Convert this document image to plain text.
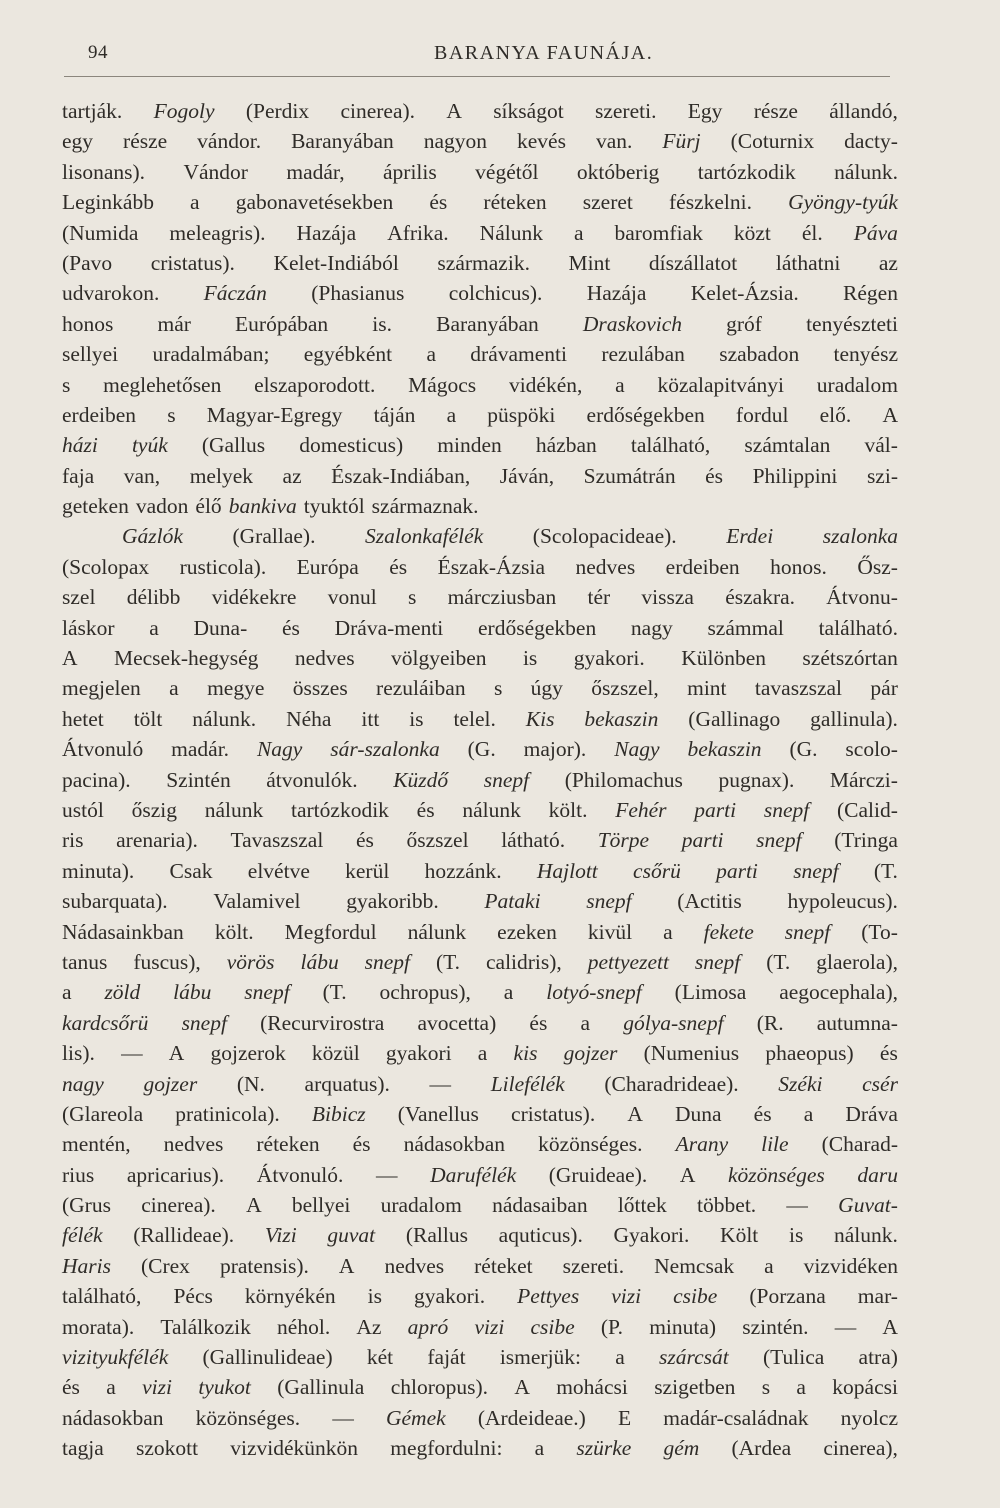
94	BARANYA FAUNÁJA.

tartják. Fogoly (Perdix cinerea). A síkságot szereti. Egy része állandó,

egy része vándor. Baranyában nagyon kevés van. Fürj (Coturnix dacty-

lisonans). Vándor madár, április végétől októberig tartózkodik nálunk.

Leginkább a gabonavetésekben és réteken szeret fészkelni. Gyöngy-tyúk

(Numida meleagris). Hazája Afrika. Nálunk a baromfiak közt él. Páva

(Pavo cristatus). Kelet-Indiából származik. Mint díszállatot láthatni az

udvarokon. Fáczán (Phasianus colchicus). Hazája Kelet-Ázsia. Régen

honos már Európában is. Baranyában Draskovich gróf tenyészteti

sellyei uradalmában; egyébként a drávamenti rezulában szabadon tenyész

s meglehetősen elszaporodott. Mágocs vidékén, a közalapitványi uradalom

erdeiben s Magyar-Egregy táján a püspöki erdőségekben fordul elő. A

házi tyúk (Gallus domesticus) minden házban található, számtalan vál-

faja van, melyek az Észak-Indiában, Jáván, Szumátrán és Philippini szi-

geteken vadon élő bankiva tyuktól származnak.

Gázlók (Grallae). Szalonkafélék (Scolopacideae). Erdei szalonka

(Scolopax rusticola). Európa és Észak-Ázsia nedves erdeiben honos. Ősz-

szel délibb vidékekre vonul s márcziusban tér vissza északra. Átvonu-

láskor a Duna- és Dráva-menti erdőségekben nagy számmal található.

A Mecsek-hegység nedves völgyeiben is gyakori. Különben szétszórtan

megjelen a megye összes rezuláiban s úgy őszszel, mint tavaszszal pár

hetet tölt nálunk. Néha itt is telel. Kis bekaszin (Gallinago gallinula).

Átvonuló madár. Nagy sár-szalonka (G. major). Nagy bekaszin (G. scolo-

pacina). Szintén átvonulók. Küzdő snepf (Philomachus pugnax). Márczi-

ustól őszig nálunk tartózkodik és nálunk költ. Fehér parti snepf (Calid-

ris arenaria). Tavaszszal és őszszel látható. Törpe parti snepf (Tringa

minuta). Csak elvétve kerül hozzánk. Hajlott csőrü parti snepf (T.

subarquata). Valamivel gyakoribb. Pataki snepf (Actitis hypoleucus).

Nádasainkban költ. Megfordul nálunk ezeken kivül a fekete snepf (To-

tanus fuscus), vörös lábu snepf (T. calidris), pettyezett snepf (T. glaerola),

a zöld lábu snepf (T. ochropus), a lotyó-snepf (Limosa aegocephala),

kardcsőrü snepf (Recurvirostra avocetta) és a gólya-snepf (R. autumna-

lis). — A gojzerok közül gyakori a kis gojzer (Numenius phaeopus) és

nagy gojzer (N. arquatus). — Lilefélék (Charadrideae). Széki csér

(Glareola pratinicola). Bibicz (Vanellus cristatus). A Duna és a Dráva

mentén, nedves réteken és nádasokban közönséges. Arany lile (Charad-

rius apricarius). Átvonuló. — Darufélék (Gruideae). A közönséges daru

(Grus cinerea). A bellyei uradalom nádasaiban lőttek többet. — Guvat-

félék (Rallideae). Vizi guvat (Rallus aquticus). Gyakori. Költ is nálunk.

Haris (Crex pratensis). A nedves réteket szereti. Nemcsak a vizvidéken

található, Pécs környékén is gyakori. Pettyes vizi csibe (Porzana mar-

morata). Találkozik néhol. Az apró vizi csibe (P. minuta) szintén. — A

vizityukfélék (Gallinulideae) két faját ismerjük: a szárcsát (Tulica atra)

és a vizi tyukot (Gallinula chloropus). A mohácsi szigetben s a kopácsi

nádasokban közönséges. — Gémek (Ardeideae.) E madár-családnak nyolcz

tagja szokott vizvidékünkön megfordulni: a szürke gém (Ardea cinerea),
